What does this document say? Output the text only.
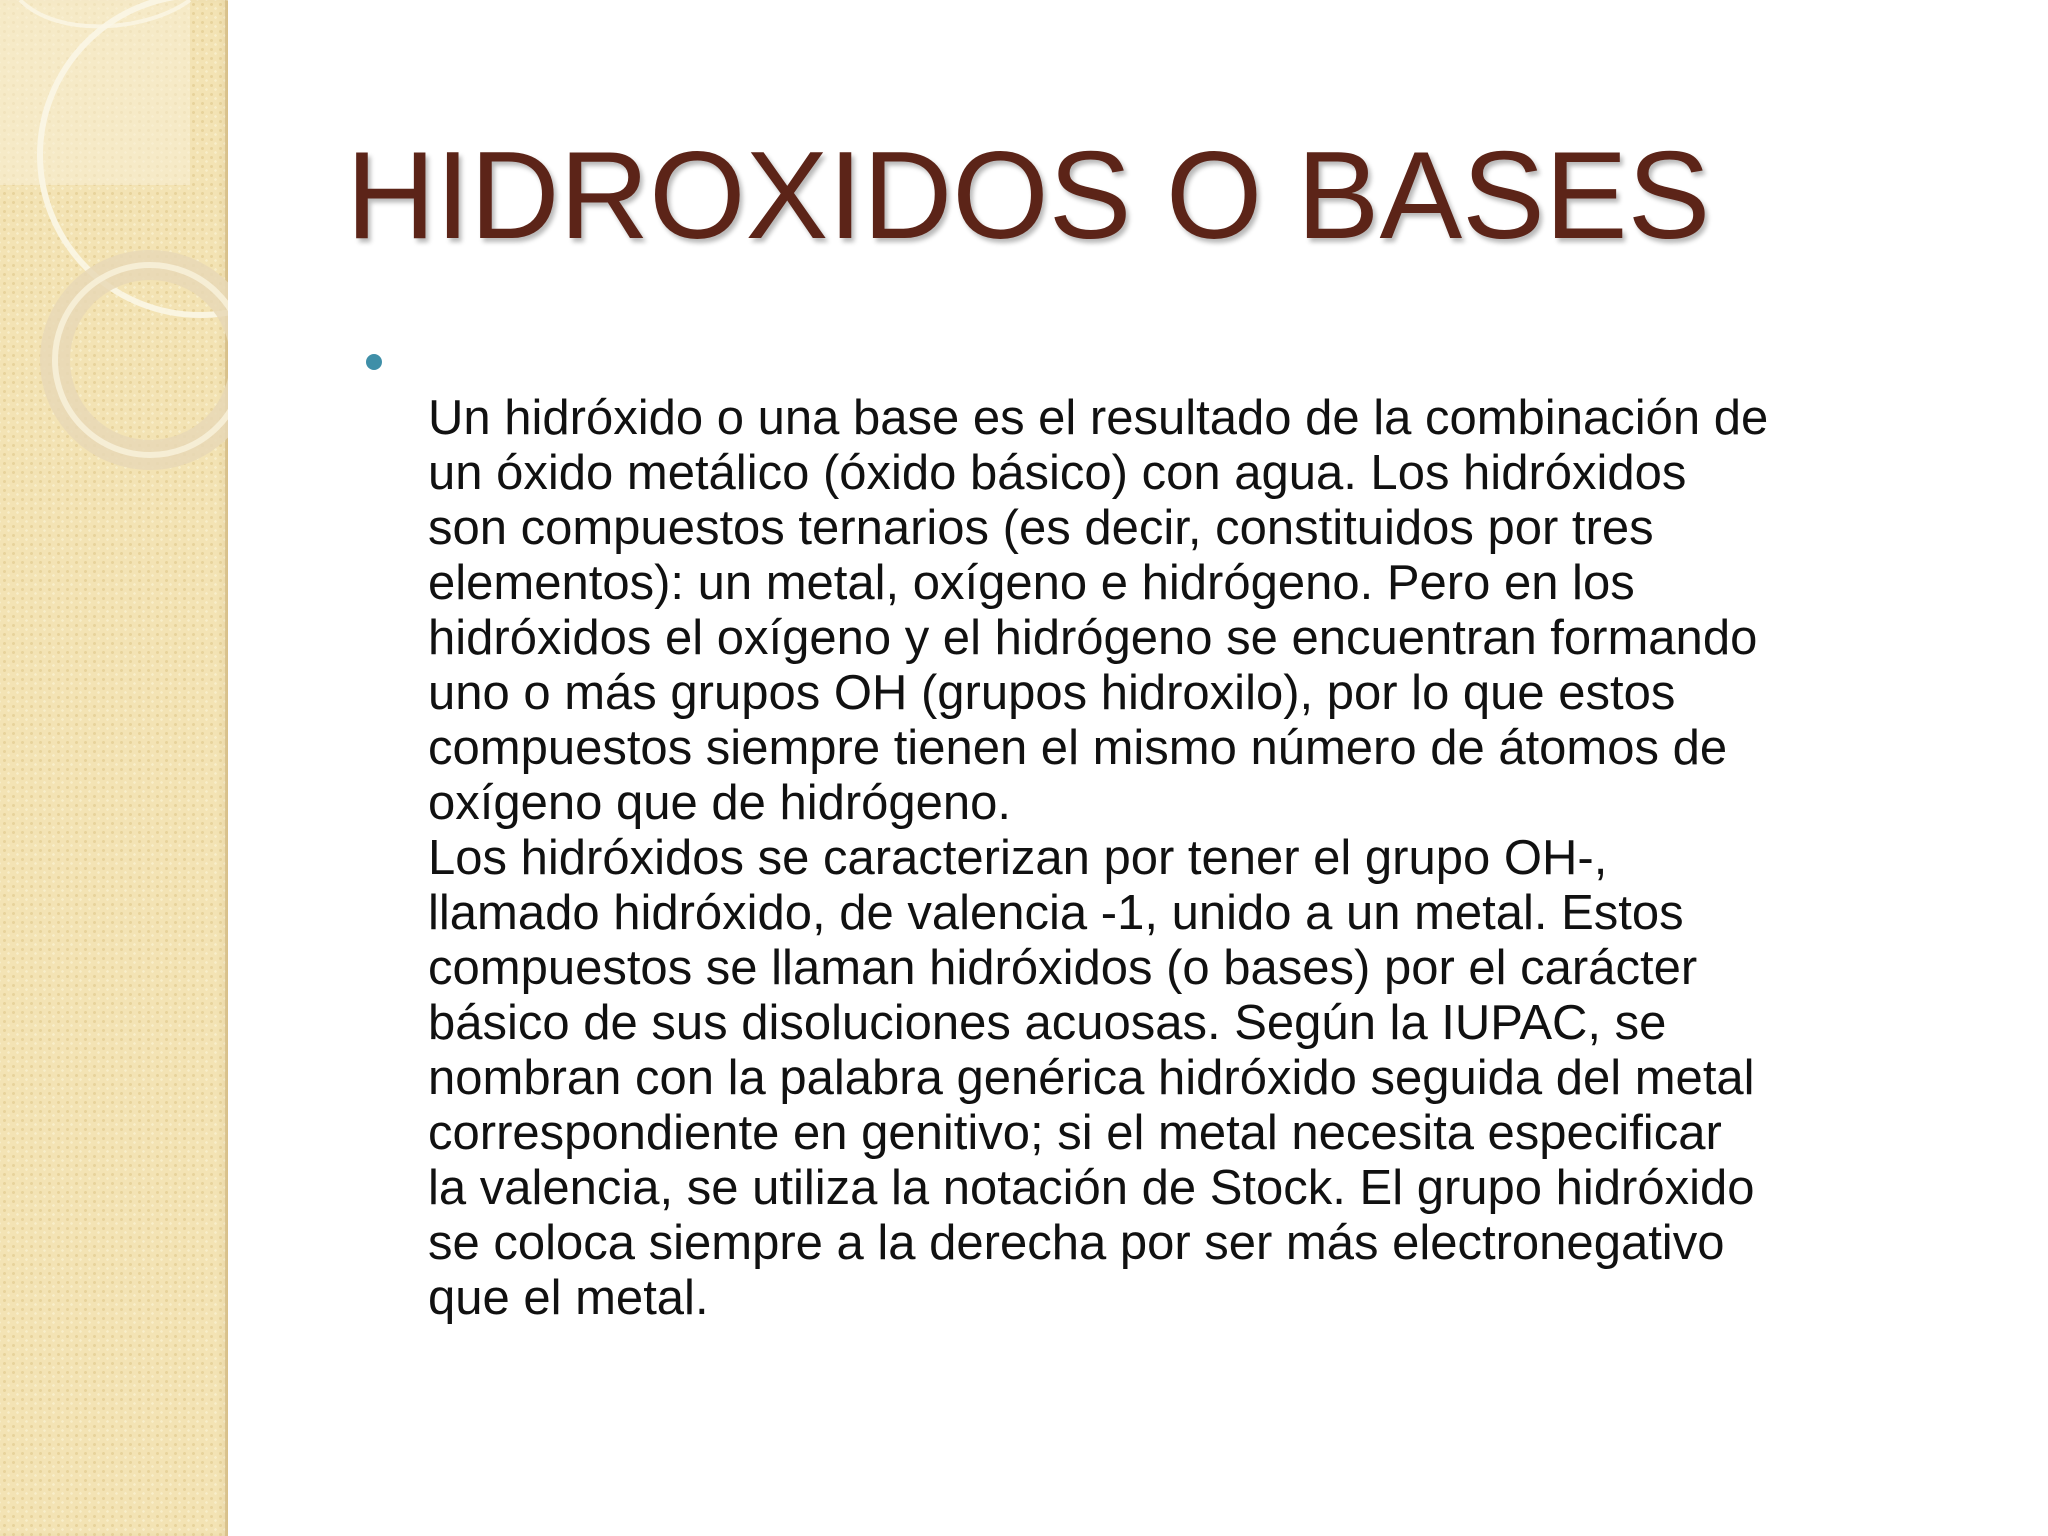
HIDROXIDOS O BASES

Un hidróxido o una base es el resultado de la combinación de
un óxido metálico (óxido básico) con agua. Los hidróxidos
son compuestos ternarios (es decir, constituidos por tres
elementos): un metal, oxígeno e hidrógeno. Pero en los
hidróxidos el oxígeno y el hidrógeno se encuentran formando
uno o más grupos OH (grupos hidroxilo), por lo que estos
compuestos siempre tienen el mismo número de átomos de
oxígeno que de hidrógeno.

Los hidróxidos se caracterizan por tener el grupo OH-,
llamado hidróxido, de valencia -1, unido a un metal. Estos
compuestos se llaman hidróxidos (o bases) por el carácter
básico de sus disoluciones acuosas. Según la IUPAC, se
nombran con la palabra genérica hidróxido seguida del metal
correspondiente en genitivo; si el metal necesita especificar
la valencia, se utiliza la notación de Stock. El grupo hidróxido
se coloca siempre a la derecha por ser más electronegativo
que el metal.
